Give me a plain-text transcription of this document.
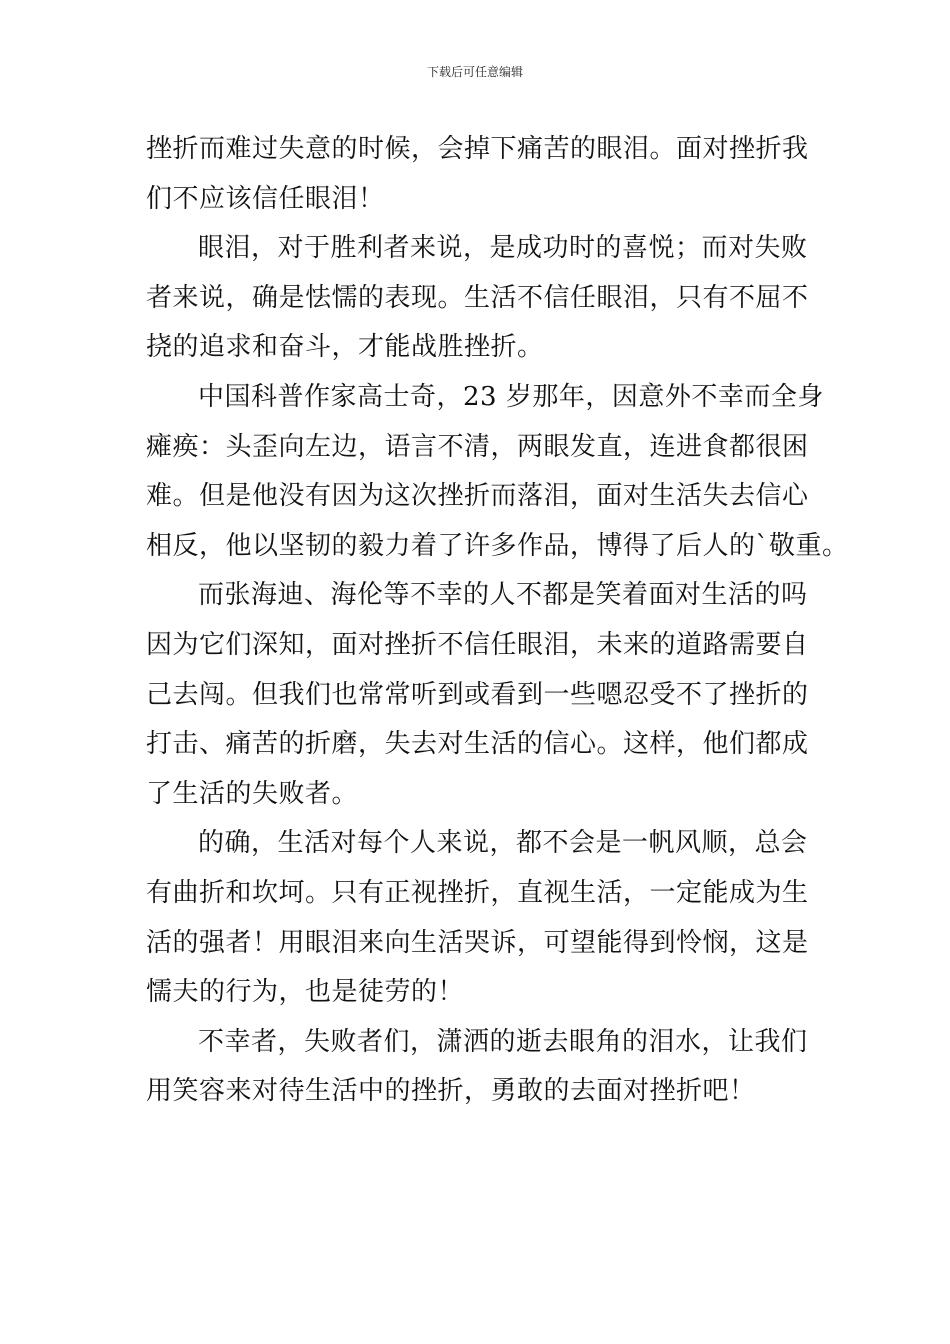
下载后可任意编辑
挫折而难过失意的时候，会掉下痛苦的眼泪。面对挫折我
们不应该信任眼泪！
眼泪，对于胜利者来说，是成功时的喜悦；而对失败
者来说，确是怯懦的表现。生活不信任眼泪，只有不屈不
挠的追求和奋斗，才能战胜挫折。
中国科普作家高士奇，23 岁那年，因意外不幸而全身
瘫痪：头歪向左边，语言不清，两眼发直，连进食都很困
难。但是他没有因为这次挫折而落泪，面对生活失去信心
相反，他以坚韧的毅力着了许多作品，博得了后人的`敬重。
而张海迪、海伦等不幸的人不都是笑着面对生活的吗
因为它们深知，面对挫折不信任眼泪，未来的道路需要自
己去闯。但我们也常常听到或看到一些嗯忍受不了挫折的
打击、痛苦的折磨，失去对生活的信心。这样，他们都成
了生活的失败者。
的确，生活对每个人来说，都不会是一帆风顺，总会
有曲折和坎坷。只有正视挫折，直视生活，一定能成为生
活的强者！用眼泪来向生活哭诉，可望能得到怜悯，这是
懦夫的行为，也是徒劳的！
不幸者，失败者们，潇洒的逝去眼角的泪水，让我们
用笑容来对待生活中的挫折，勇敢的去面对挫折吧！
